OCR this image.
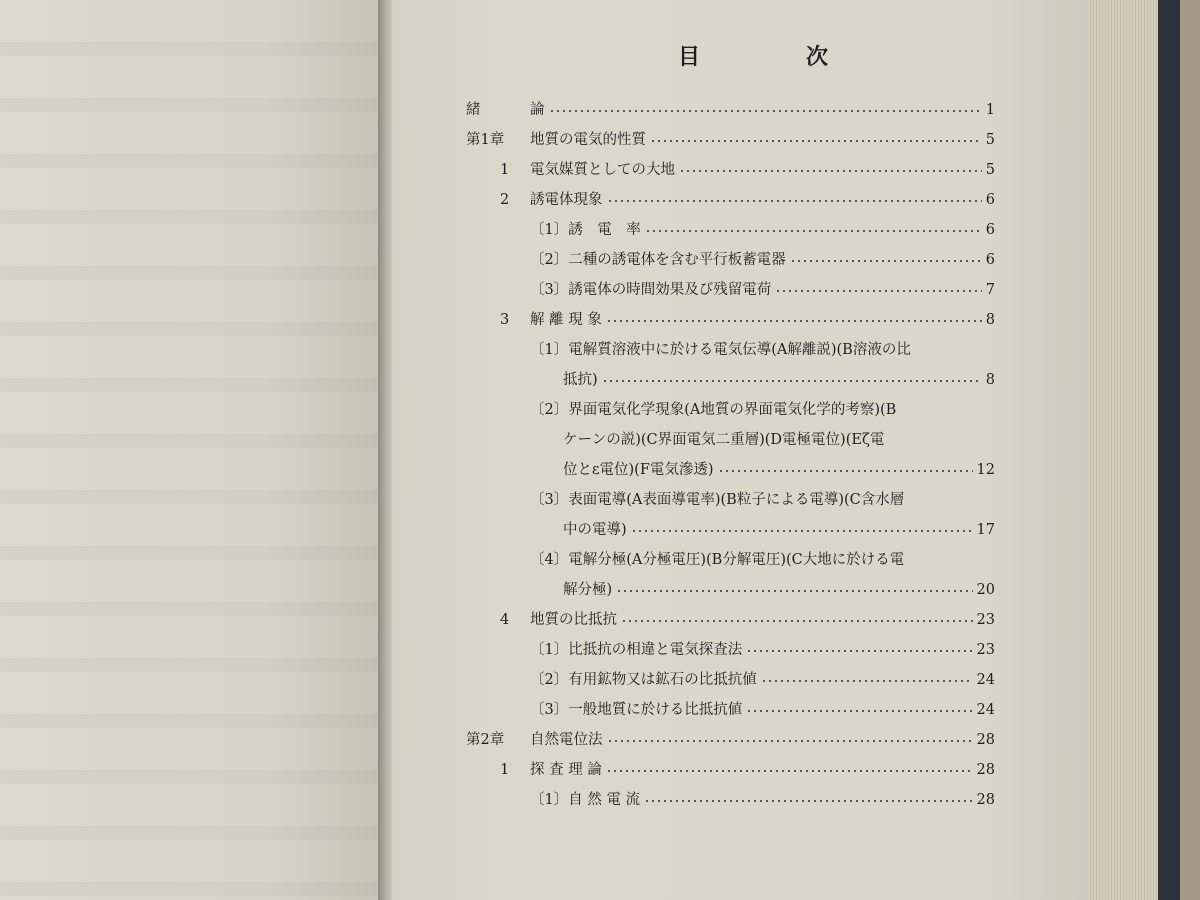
目　次
緒	論	1
第1章 地質の電気的性質	5
1	電気媒質としての大地	5
2	誘電体現象	6
〔1〕誘　電　率	6
〔2〕二種の誘電体を含む平行板蓄電器	6
〔3〕誘電体の時間効果及び残留電荷	7
3	解 離 現 象	8
〔1〕電解質溶液中に於ける電気伝導(A解離説)(B溶液の比
抵抗)	8
〔2〕界面電気化学現象(A地質の界面電気化学的考察)(B
ケーンの説)(C界面電気二重層)(D電極電位)(Eζ電
位とε電位)(F電気滲透)	12
〔3〕表面電導(A表面導電率)(B粒子による電導)(C含水層
中の電導)	17
〔4〕電解分極(A分極電圧)(B分解電圧)(C大地に於ける電
解分極)	20
4	地質の比抵抗	23
〔1〕比抵抗の相違と電気探査法	23
〔2〕有用鉱物又は鉱石の比抵抗値	24
〔3〕一般地質に於ける比抵抗値	24
第2章 自然電位法	28
1	探 査 理 論	28
〔1〕自 然 電 流	28
